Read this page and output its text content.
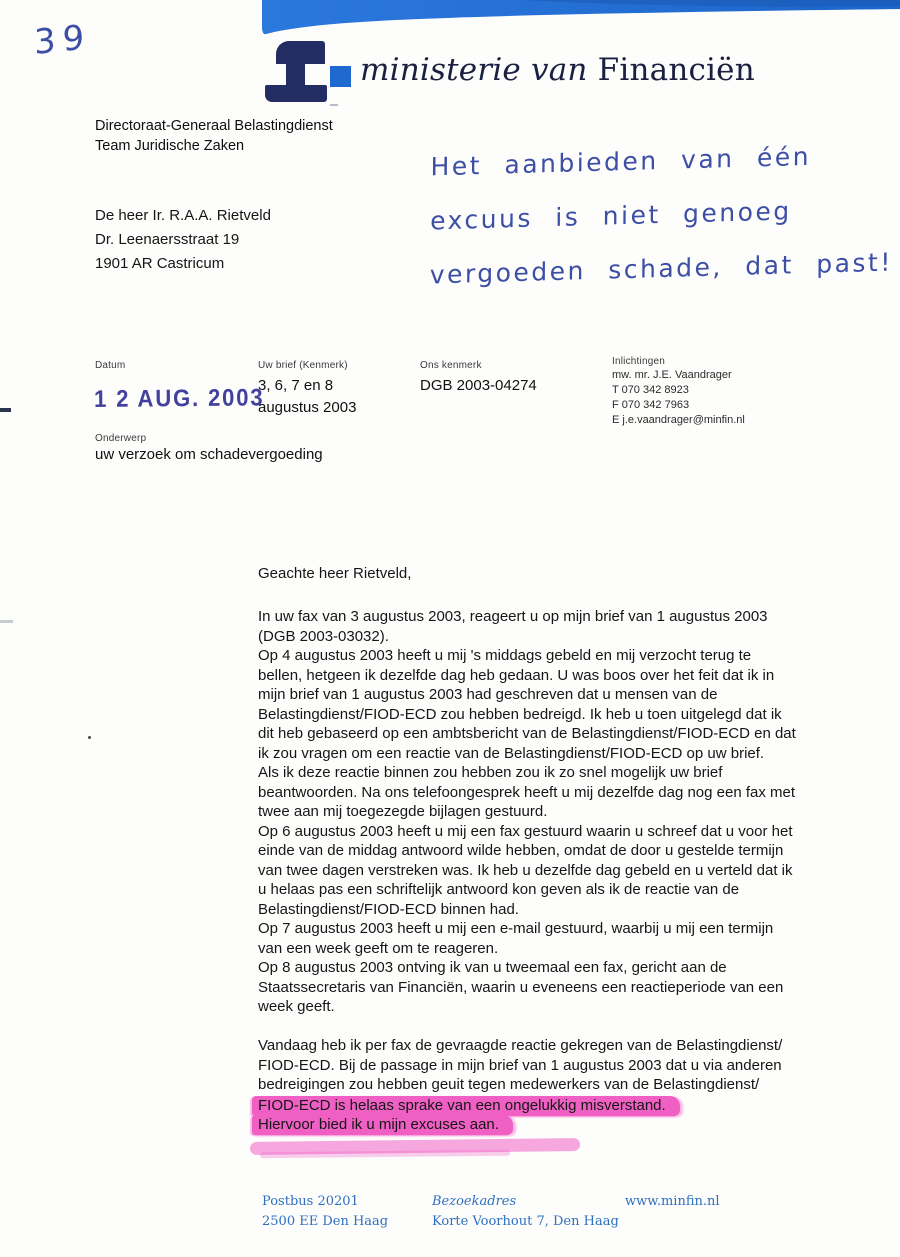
ministerie van Financiën
39
Directoraat-Generaal Belastingdienst
Team Juridische Zaken	Het aanbieden van één
excuus is niet genoeg
vergoeden schade, dat past!
De heer Ir. R.A.A. Rietveld
Dr. Leenaersstraat 19
1901 AR Castricum
Datum
1 2 AUG. 2003
Uw brief (Kenmerk)
3, 6, 7 en 8
augustus 2003
Ons kenmerk
DGB 2003-04274
Inlichtingen
mw. mr. J.E. Vaandrager
T 070 342 8923
F 070 342 7963
E j.e.vaandrager@minfin.nl
Onderwerp
uw verzoek om schadevergoeding
Geachte heer Rietveld,
In uw fax van 3 augustus 2003, reageert u op mijn brief van 1 augustus 2003
(DGB 2003-03032).
Op 4 augustus 2003 heeft u mij 's middags gebeld en mij verzocht terug te
bellen, hetgeen ik dezelfde dag heb gedaan. U was boos over het feit dat ik in
mijn brief van 1 augustus 2003 had geschreven dat u mensen van de
Belastingdienst/FIOD-ECD zou hebben bedreigd. Ik heb u toen uitgelegd dat ik
dit heb gebaseerd op een ambtsbericht van de Belastingdienst/FIOD-ECD en dat
ik zou vragen om een reactie van de Belastingdienst/FIOD-ECD op uw brief.
Als ik deze reactie binnen zou hebben zou ik zo snel mogelijk uw brief
beantwoorden. Na ons telefoongesprek heeft u mij dezelfde dag nog een fax met
twee aan mij toegezegde bijlagen gestuurd.
Op 6 augustus 2003 heeft u mij een fax gestuurd waarin u schreef dat u voor het
einde van de middag antwoord wilde hebben, omdat de door u gestelde termijn
van twee dagen verstreken was. Ik heb u dezelfde dag gebeld en u verteld dat ik
u helaas pas een schriftelijk antwoord kon geven als ik de reactie van de
Belastingdienst/FIOD-ECD binnen had.
Op 7 augustus 2003 heeft u mij een e-mail gestuurd, waarbij u mij een termijn
van een week geeft om te reageren.
Op 8 augustus 2003 ontving ik van u tweemaal een fax, gericht aan de
Staatssecretaris van Financiën, waarin u eveneens een reactieperiode van een
week geeft.
Vandaag heb ik per fax de gevraagde reactie gekregen van de Belastingdienst/
FIOD-ECD. Bij de passage in mijn brief van 1 augustus 2003 dat u via anderen
bedreigingen zou hebben geuit tegen medewerkers van de Belastingdienst/
FIOD-ECD is helaas sprake van een ongelukkig misverstand.
Hiervoor bied ik u mijn excuses aan.
Postbus 20201
2500 EE Den Haag
Bezoekadres
Korte Voorhout 7, Den Haag
www.minfin.nl
